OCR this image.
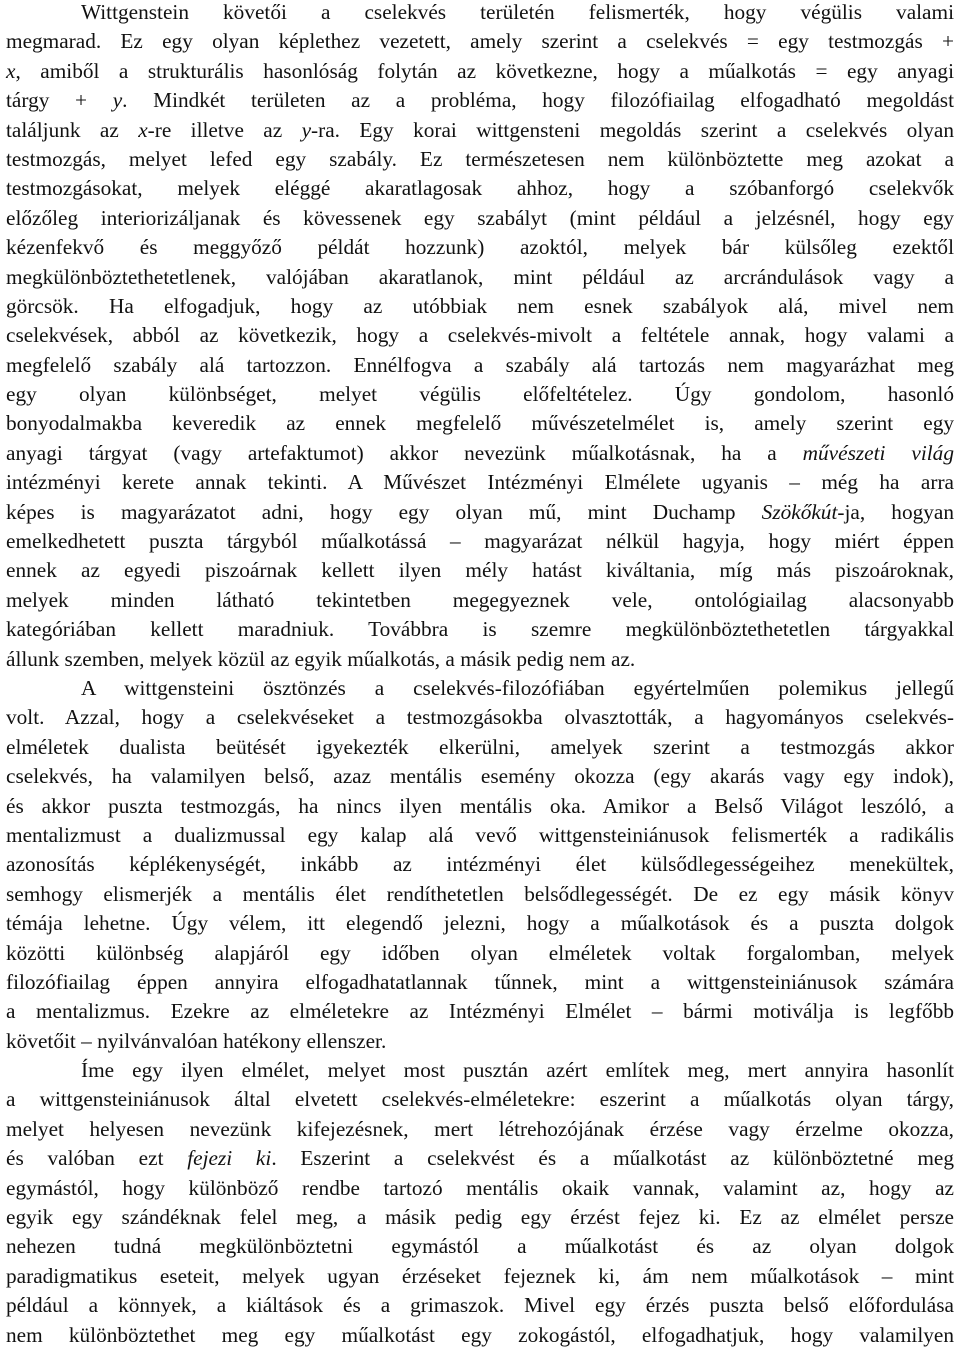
Wittgenstein követői a cselekvés területén felismerték, hogy végülis valami
megmarad. Ez egy olyan képlethez vezetett, amely szerint a cselekvés = egy testmozgás +
x, amiből a strukturális hasonlóság folytán az következne, hogy a műalkotás = egy anyagi
tárgy + y. Mindkét területen az a probléma, hogy filozófiailag elfogadható megoldást
találjunk az x-re illetve az y-ra. Egy korai wittgensteni megoldás szerint a cselekvés olyan
testmozgás, melyet lefed egy szabály. Ez természetesen nem különböztette meg azokat a
testmozgásokat, melyek eléggé akaratlagosak ahhoz, hogy a szóbanforgó cselekvők
előzőleg interiorizáljanak és kövessenek egy szabályt (mint például a jelzésnél, hogy egy
kézenfekvő és meggyőző példát hozzunk) azoktól, melyek bár külsőleg ezektől
megkülönböztethetetlenek, valójában akaratlanok, mint például az arcrándulások vagy a
görcsök. Ha elfogadjuk, hogy az utóbbiak nem esnek szabályok alá, mivel nem
cselekvések, abból az következik, hogy a cselekvés-mivolt a feltétele annak, hogy valami a
megfelelő szabály alá tartozzon. Ennélfogva a szabály alá tartozás nem magyarázhat meg
egy olyan különbséget, melyet végülis előfeltételez. Úgy gondolom, hasonló
bonyodalmakba keveredik az ennek megfelelő művészetelmélet is, amely szerint egy
anyagi tárgyat (vagy artefaktumot) akkor nevezünk műalkotásnak, ha a művészeti világ
intézményi kerete annak tekinti. A Művészet Intézményi Elmélete ugyanis – még ha arra
képes is magyarázatot adni, hogy egy olyan mű, mint Duchamp Szökőkút-ja, hogyan
emelkedhetett puszta tárgyból műalkotássá – magyarázat nélkül hagyja, hogy miért éppen
ennek az egyedi piszoárnak kellett ilyen mély hatást kiváltania, míg más piszoároknak,
melyek minden látható tekintetben megegyeznek vele, ontológiailag alacsonyabb
kategóriában kellett maradniuk. Továbbra is szemre megkülönböztethetetlen tárgyakkal
állunk szemben, melyek közül az egyik műalkotás, a másik pedig nem az.

A wittgensteini ösztönzés a cselekvés-filozófiában egyértelműen polemikus jellegű
volt. Azzal, hogy a cselekvéseket a testmozgásokba olvasztották, a hagyományos cselekvés-
elméletek dualista beütését igyekezték elkerülni, amelyek szerint a testmozgás akkor
cselekvés, ha valamilyen belső, azaz mentális esemény okozza (egy akarás vagy egy indok),
és akkor puszta testmozgás, ha nincs ilyen mentális oka. Amikor a Belső Világot leszóló, a
mentalizmust a dualizmussal egy kalap alá vevő wittgensteiniánusok felismerték a radikális
azonosítás képlékenységét, inkább az intézményi élet külsődlegességeihez menekültek,
semhogy elismerjék a mentális élet rendíthetetlen belsődlegességét. De ez egy másik könyv
témája lehetne. Úgy vélem, itt elegendő jelezni, hogy a műalkotások és a puszta dolgok
közötti különbség alapjáról egy időben olyan elméletek voltak forgalomban, melyek
filozófiailag éppen annyira elfogadhatatlannak tűnnek, mint a wittgensteiniánusok számára
a mentalizmus. Ezekre az elméletekre az Intézményi Elmélet – bármi motiválja is legfőbb
követőit – nyilvánvalóan hatékony ellenszer.

Íme egy ilyen elmélet, melyet most pusztán azért említek meg, mert annyira hasonlít
a wittgensteiniánusok által elvetett cselekvés-elméletekre: eszerint a műalkotás olyan tárgy,
melyet helyesen nevezünk kifejezésnek, mert létrehozójának érzése vagy érzelme okozza,
és valóban ezt fejezi ki. Eszerint a cselekvést és a műalkotást az különböztetné meg
egymástól, hogy különböző rendbe tartozó mentális okaik vannak, valamint az, hogy az
egyik egy szándéknak felel meg, a másik pedig egy érzést fejez ki. Ez az elmélet persze
nehezen tudná megkülönböztetni egymástól a műalkotást és az olyan dolgok
paradigmatikus eseteit, melyek ugyan érzéseket fejeznek ki, ám nem műalkotások – mint
például a könnyek, a kiáltások és a grimaszok. Mivel egy érzés puszta belső előfordulása
nem különböztethet meg egy műalkotást egy zokogástól, elfogadhatjuk, hogy valamilyen
